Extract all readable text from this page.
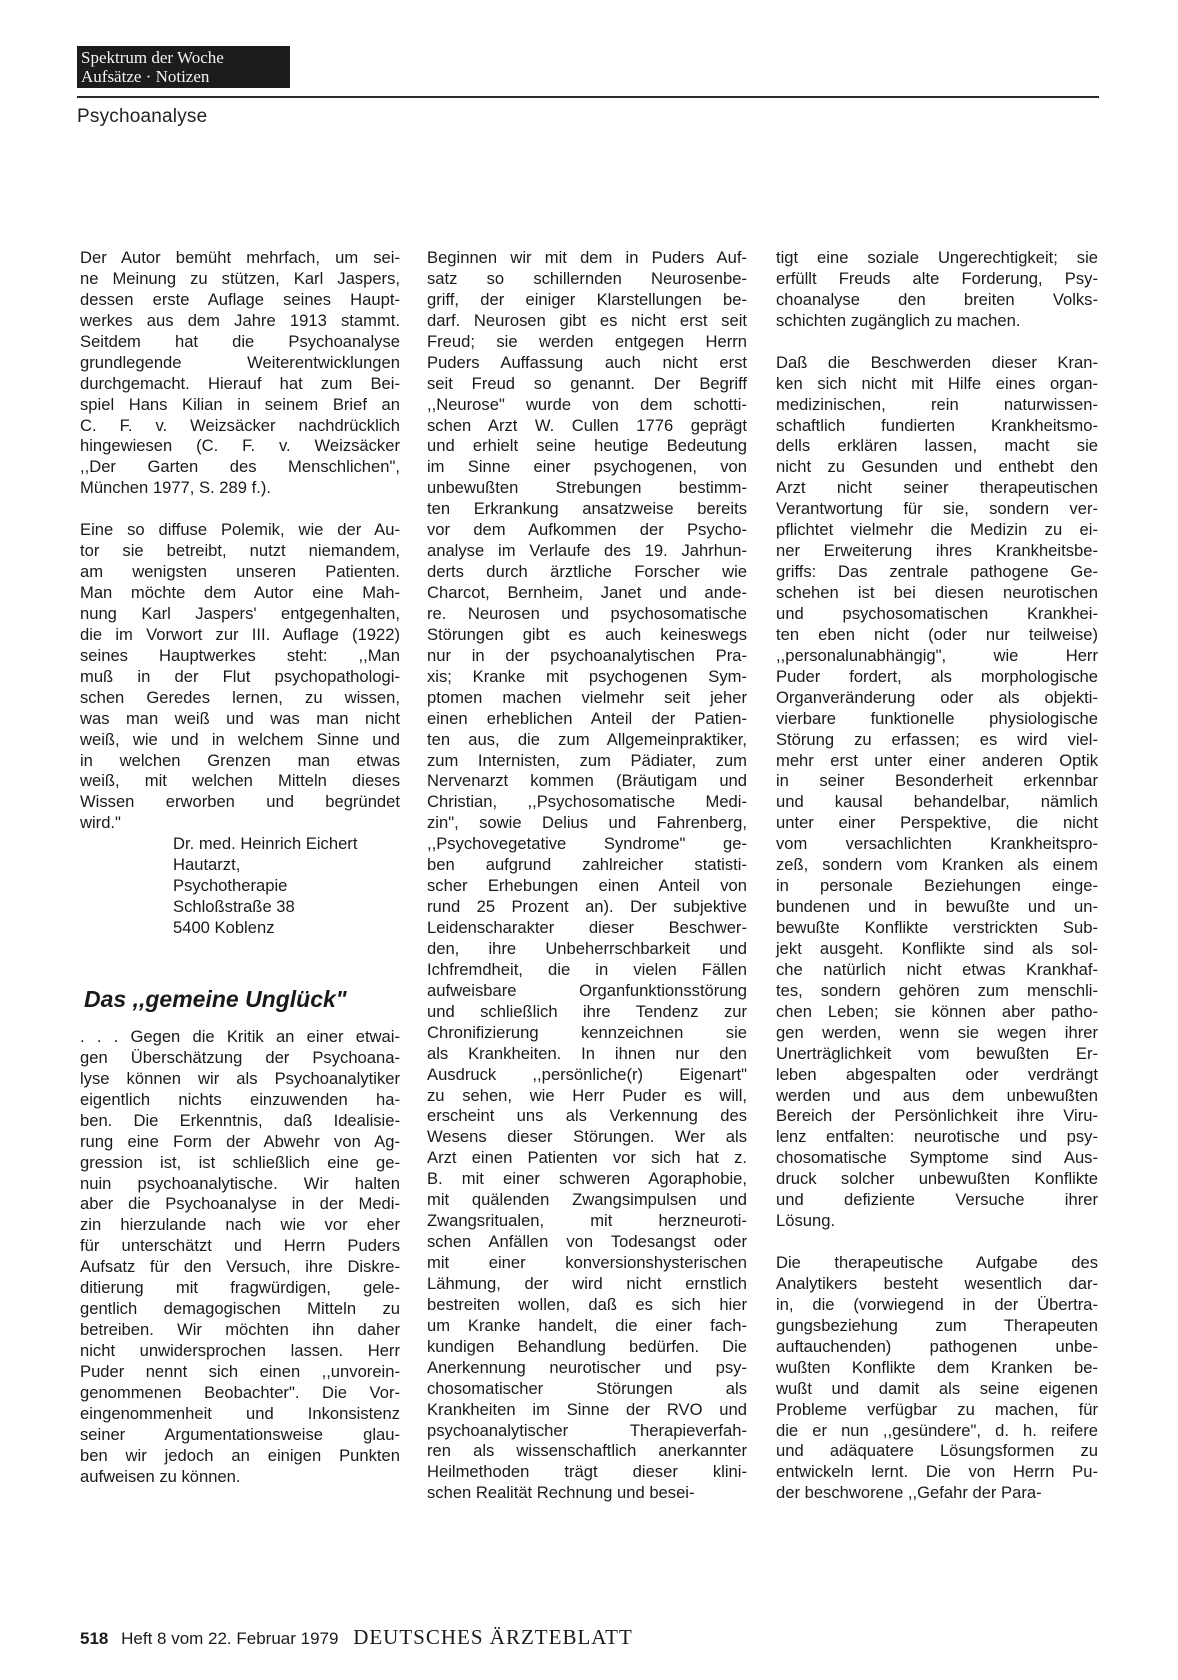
Spektrum der Woche
Aufsätze · Notizen
Psychoanalyse
Der Autor bemüht mehrfach, um sei-
ne Meinung zu stützen, Karl Jaspers,
dessen erste Auflage seines Haupt-
werkes aus dem Jahre 1913 stammt.
Seitdem hat die Psychoanalyse
grundlegende Weiterentwicklungen
durchgemacht. Hierauf hat zum Bei-
spiel Hans Kilian in seinem Brief an
C. F. v. Weizsäcker nachdrücklich
hingewiesen (C. F. v. Weizsäcker
,,Der Garten des Menschlichen",
München 1977, S. 289 f.).
Eine so diffuse Polemik, wie der Au-
tor sie betreibt, nutzt niemandem,
am wenigsten unseren Patienten.
Man möchte dem Autor eine Mah-
nung Karl Jaspers' entgegenhalten,
die im Vorwort zur III. Auflage (1922)
seines Hauptwerkes steht: ,,Man
muß in der Flut psychopathologi-
schen Geredes lernen, zu wissen,
was man weiß und was man nicht
weiß, wie und in welchem Sinne und
in welchen Grenzen man etwas
weiß, mit welchen Mitteln dieses
Wissen erworben und begründet
wird."
Dr. med. Heinrich Eichert
Hautarzt,
Psychotherapie
Schloßstraße 38
5400 Koblenz
Das ,,gemeine Unglück"
. . . Gegen die Kritik an einer etwai-
gen Überschätzung der Psychoana-
lyse können wir als Psychoanalytiker
eigentlich nichts einzuwenden ha-
ben. Die Erkenntnis, daß Idealisie-
rung eine Form der Abwehr von Ag-
gression ist, ist schließlich eine ge-
nuin psychoanalytische. Wir halten
aber die Psychoanalyse in der Medi-
zin hierzulande nach wie vor eher
für unterschätzt und Herrn Puders
Aufsatz für den Versuch, ihre Diskre-
ditierung mit fragwürdigen, gele-
gentlich demagogischen Mitteln zu
betreiben. Wir möchten ihn daher
nicht unwidersprochen lassen. Herr
Puder nennt sich einen ,,unvorein-
genommenen Beobachter". Die Vor-
eingenommenheit und Inkonsistenz
seiner Argumentationsweise glau-
ben wir jedoch an einigen Punkten
aufweisen zu können.
Beginnen wir mit dem in Puders Auf-
satz so schillernden Neurosenbe-
griff, der einiger Klarstellungen be-
darf. Neurosen gibt es nicht erst seit
Freud; sie werden entgegen Herrn
Puders Auffassung auch nicht erst
seit Freud so genannt. Der Begriff
,,Neurose" wurde von dem schotti-
schen Arzt W. Cullen 1776 geprägt
und erhielt seine heutige Bedeutung
im Sinne einer psychogenen, von
unbewußten Strebungen bestimm-
ten Erkrankung ansatzweise bereits
vor dem Aufkommen der Psycho-
analyse im Verlaufe des 19. Jahrhun-
derts durch ärztliche Forscher wie
Charcot, Bernheim, Janet und ande-
re. Neurosen und psychosomatische
Störungen gibt es auch keineswegs
nur in der psychoanalytischen Pra-
xis; Kranke mit psychogenen Sym-
ptomen machen vielmehr seit jeher
einen erheblichen Anteil der Patien-
ten aus, die zum Allgemeinpraktiker,
zum Internisten, zum Pädiater, zum
Nervenarzt kommen (Bräutigam und
Christian, ,,Psychosomatische Medi-
zin", sowie Delius und Fahrenberg,
,,Psychovegetative Syndrome" ge-
ben aufgrund zahlreicher statisti-
scher Erhebungen einen Anteil von
rund 25 Prozent an). Der subjektive
Leidenscharakter dieser Beschwer-
den, ihre Unbeherrschbarkeit und
Ichfremdheit, die in vielen Fällen
aufweisbare Organfunktionsstörung
und schließlich ihre Tendenz zur
Chronifizierung kennzeichnen sie
als Krankheiten. In ihnen nur den
Ausdruck ,,persönliche(r) Eigenart"
zu sehen, wie Herr Puder es will,
erscheint uns als Verkennung des
Wesens dieser Störungen. Wer als
Arzt einen Patienten vor sich hat z.
B. mit einer schweren Agoraphobie,
mit quälenden Zwangsimpulsen und
Zwangsritualen, mit herzneuroti-
schen Anfällen von Todesangst oder
mit einer konversionshysterischen
Lähmung, der wird nicht ernstlich
bestreiten wollen, daß es sich hier
um Kranke handelt, die einer fach-
kundigen Behandlung bedürfen. Die
Anerkennung neurotischer und psy-
chosomatischer Störungen als
Krankheiten im Sinne der RVO und
psychoanalytischer Therapieverfah-
ren als wissenschaftlich anerkannter
Heilmethoden trägt dieser klini-
schen Realität Rechnung und besei-
tigt eine soziale Ungerechtigkeit; sie
erfüllt Freuds alte Forderung, Psy-
choanalyse den breiten Volks-
schichten zugänglich zu machen.
Daß die Beschwerden dieser Kran-
ken sich nicht mit Hilfe eines organ-
medizinischen, rein naturwissen-
schaftlich fundierten Krankheitsmo-
dells erklären lassen, macht sie
nicht zu Gesunden und enthebt den
Arzt nicht seiner therapeutischen
Verantwortung für sie, sondern ver-
pflichtet vielmehr die Medizin zu ei-
ner Erweiterung ihres Krankheitsbe-
griffs: Das zentrale pathogene Ge-
schehen ist bei diesen neurotischen
und psychosomatischen Krankhei-
ten eben nicht (oder nur teilweise)
,,personalunabhängig", wie Herr
Puder fordert, als morphologische
Organveränderung oder als objekti-
vierbare funktionelle physiologische
Störung zu erfassen; es wird viel-
mehr erst unter einer anderen Optik
in seiner Besonderheit erkennbar
und kausal behandelbar, nämlich
unter einer Perspektive, die nicht
vom versachlichten Krankheitspro-
zeß, sondern vom Kranken als einem
in personale Beziehungen einge-
bundenen und in bewußte und un-
bewußte Konflikte verstrickten Sub-
jekt ausgeht. Konflikte sind als sol-
che natürlich nicht etwas Krankhaf-
tes, sondern gehören zum menschli-
chen Leben; sie können aber patho-
gen werden, wenn sie wegen ihrer
Unerträglichkeit vom bewußten Er-
leben abgespalten oder verdrängt
werden und aus dem unbewußten
Bereich der Persönlichkeit ihre Viru-
lenz entfalten: neurotische und psy-
chosomatische Symptome sind Aus-
druck solcher unbewußten Konflikte
und defiziente Versuche ihrer
Lösung.
Die therapeutische Aufgabe des
Analytikers besteht wesentlich dar-
in, die (vorwiegend in der Übertra-
gungsbeziehung zum Therapeuten
auftauchenden) pathogenen unbe-
wußten Konflikte dem Kranken be-
wußt und damit als seine eigenen
Probleme verfügbar zu machen, für
die er nun ,,gesündere", d. h. reifere
und adäquatere Lösungsformen zu
entwickeln lernt. Die von Herrn Pu-
der beschworene ,,Gefahr der Para-
518 Heft 8 vom 22. Februar 1979 DEUTSCHES ÄRZTEBLATT
